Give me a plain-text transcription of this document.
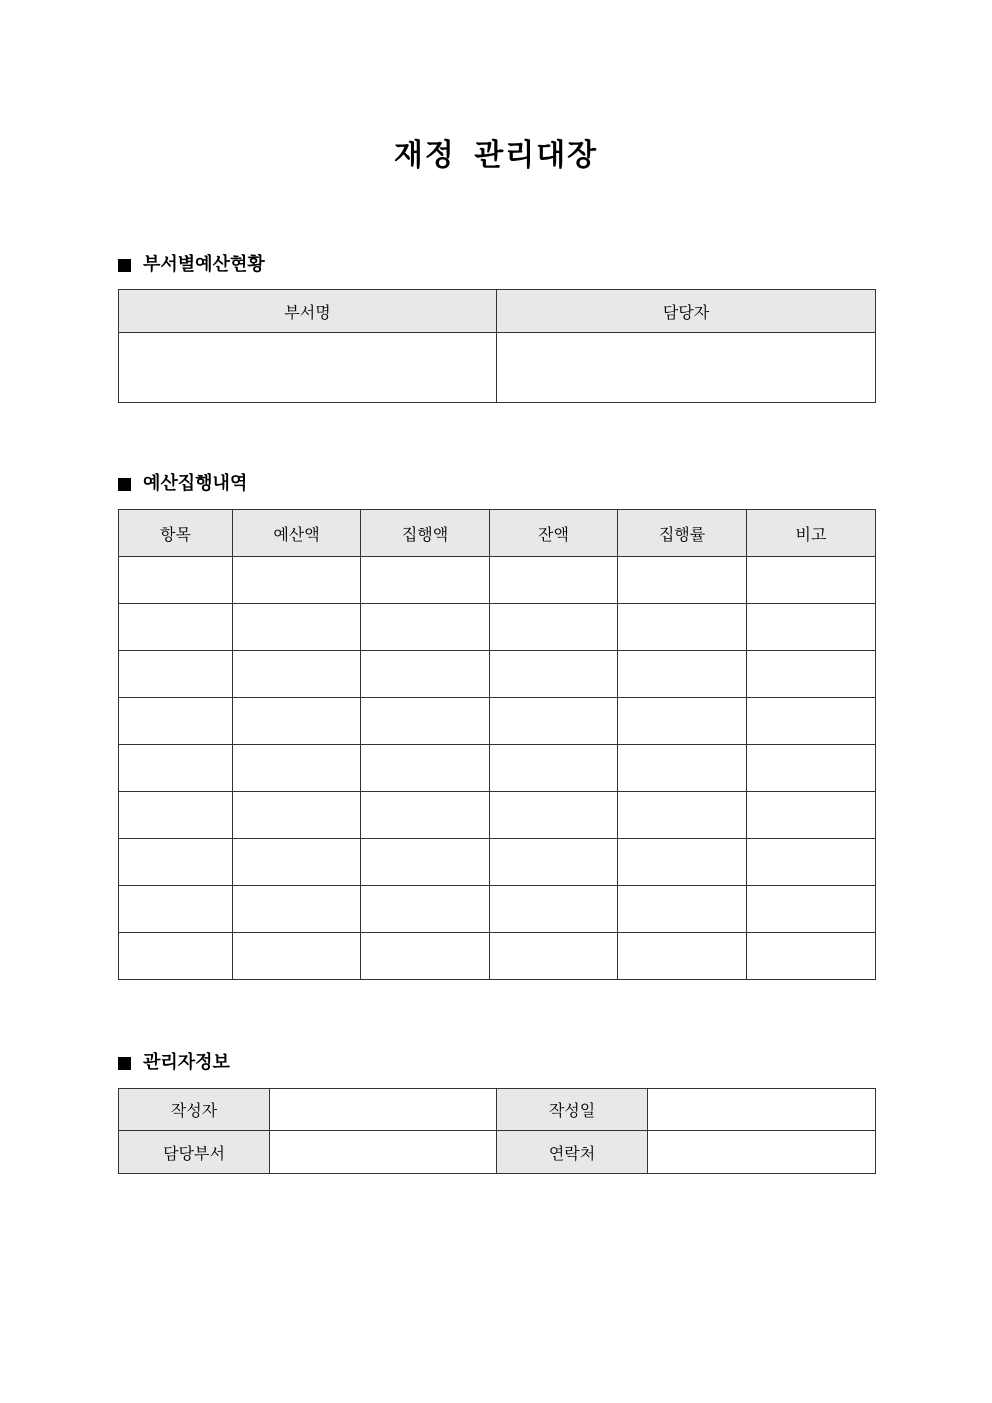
재정 관리대장
부서별예산현황
부서명	담당자

예산집행내역
항목	예산액	집행액	잔액	집행률	비고

관리자정보
작성자		작성일	
담당부서		연락처	
